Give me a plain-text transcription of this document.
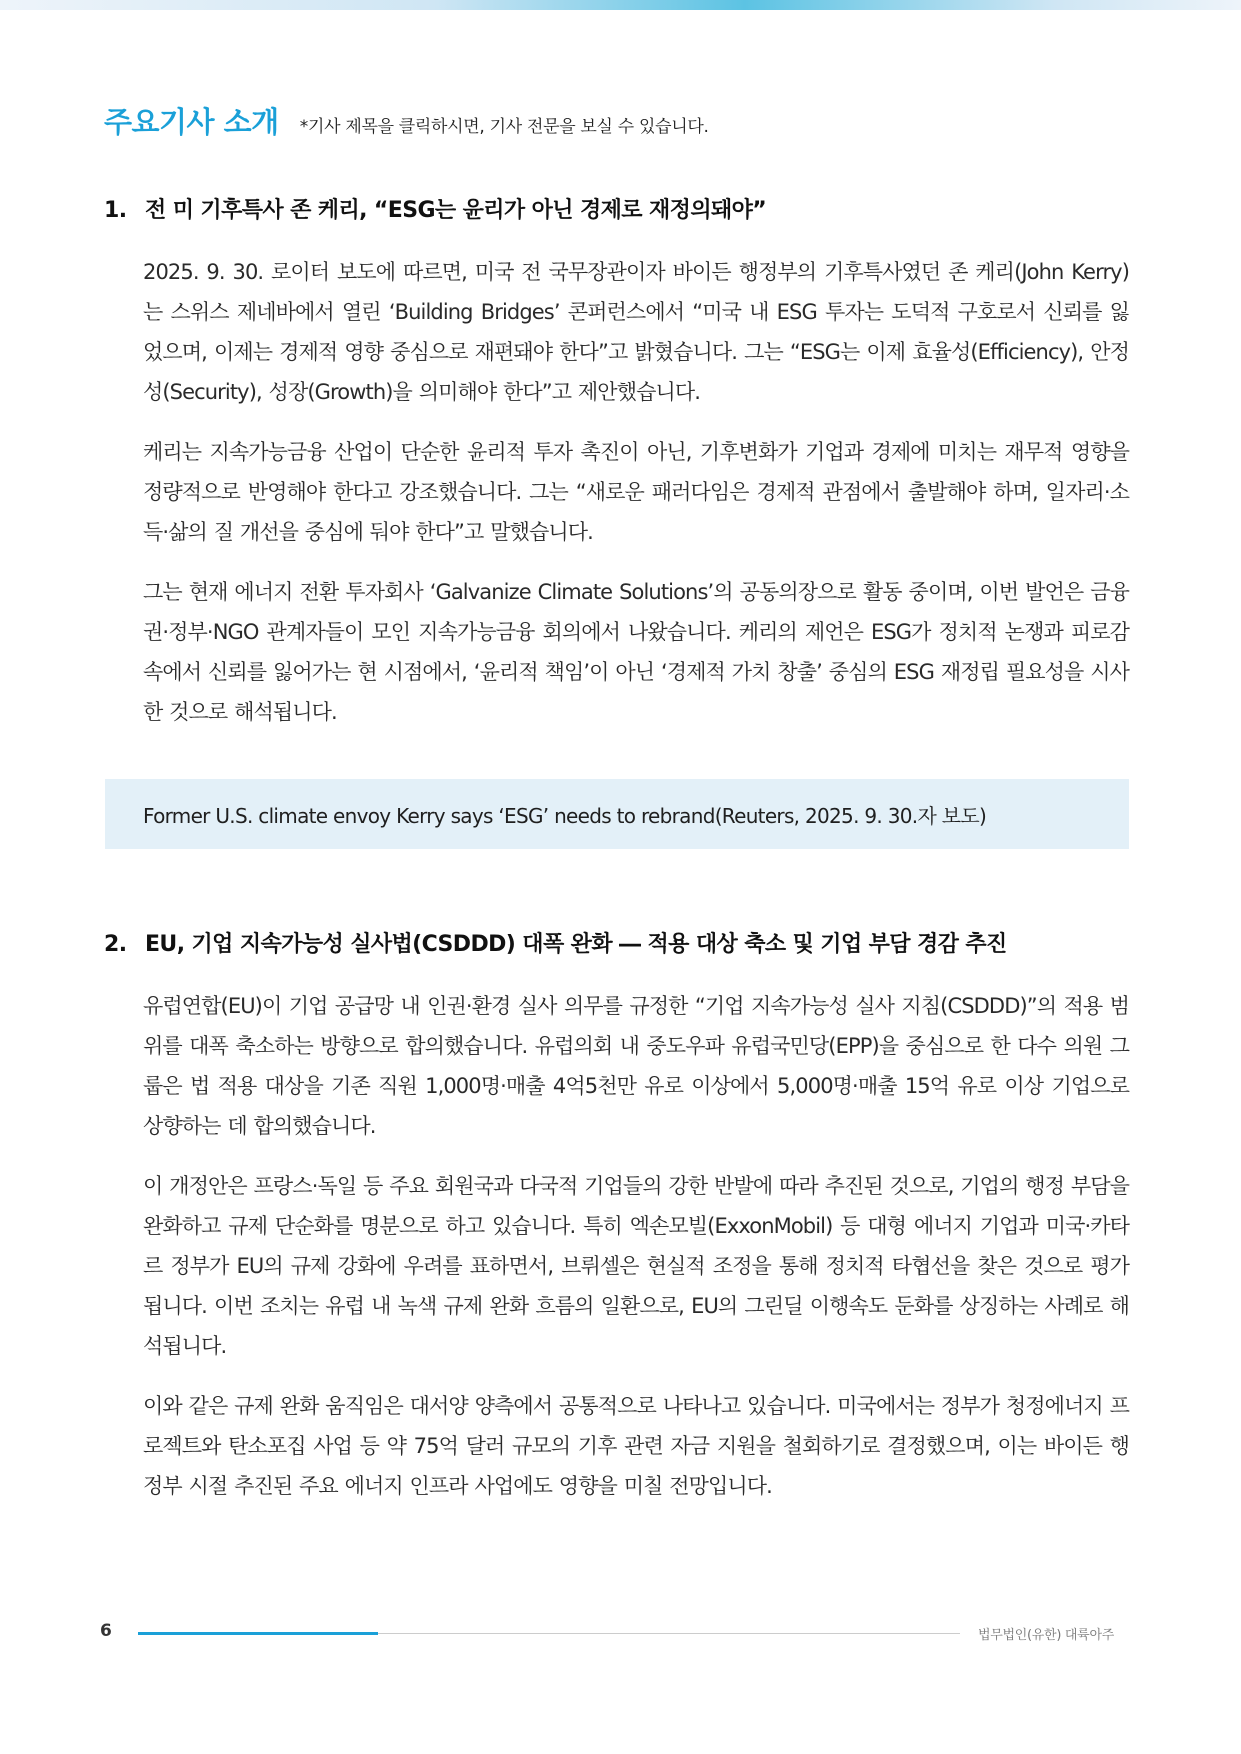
주요기사 소개 *기사 제목을 클릭하시면, 기사 전문을 보실 수 있습니다.
1. 전 미 기후특사 존 케리, “ESG는 윤리가 아닌 경제로 재정의돼야”

2025. 9. 30. 로이터 보도에 따르면, 미국 전 국무장관이자 바이든 행정부의 기후특사였던 존 케리(John Kerry) 는 스위스 제네바에서 열린 ‘Building Bridges’ 콘퍼런스에서 “미국 내 ESG 투자는 도덕적 구호로서 신뢰를 잃었으며, 이제는 경제적 영향 중심으로 재편돼야 한다”고 밝혔습니다. 그는 “ESG는 이제 효율성(Efficiency), 안정성(Security), 성장(Growth)을 의미해야 한다”고 제안했습니다.

케리는 지속가능금융 산업이 단순한 윤리적 투자 촉진이 아닌, 기후변화가 기업과 경제에 미치는 재무적 영향을 정량적으로 반영해야 한다고 강조했습니다. 그는 “새로운 패러다임은 경제적 관점에서 출발해야 하며, 일자리·소득·삶의 질 개선을 중심에 둬야 한다”고 말했습니다.

그는 현재 에너지 전환 투자회사 ‘Galvanize Climate Solutions’의 공동의장으로 활동 중이며, 이번 발언은 금융권·정부·NGO 관계자들이 모인 지속가능금융 회의에서 나왔습니다. 케리의 제언은 ESG가 정치적 논쟁과 피로감 속에서 신뢰를 잃어가는 현 시점에서, ‘윤리적 책임’이 아닌 ‘경제적 가치 창출’ 중심의 ESG 재정립 필요성을 시사한 것으로 해석됩니다.

Former U.S. climate envoy Kerry says ‘ESG’ needs to rebrand(Reuters, 2025. 9. 30.자 보도)
2. EU, 기업 지속가능성 실사법(CSDDD) 대폭 완화 ― 적용 대상 축소 및 기업 부담 경감 추진

유럽연합(EU)이 기업 공급망 내 인권·환경 실사 의무를 규정한 “기업 지속가능성 실사 지침(CSDDD)”의 적용 범위를 대폭 축소하는 방향으로 합의했습니다. 유럽의회 내 중도우파 유럽국민당(EPP)을 중심으로 한 다수 의원 그룹은 법 적용 대상을 기존 직원 1,000명·매출 4억5천만 유로 이상에서 5,000명·매출 15억 유로 이상 기업으로 상향하는 데 합의했습니다.

이 개정안은 프랑스·독일 등 주요 회원국과 다국적 기업들의 강한 반발에 따라 추진된 것으로, 기업의 행정 부담을 완화하고 규제 단순화를 명분으로 하고 있습니다. 특히 엑손모빌(ExxonMobil) 등 대형 에너지 기업과 미국·카타르 정부가 EU의 규제 강화에 우려를 표하면서, 브뤼셀은 현실적 조정을 통해 정치적 타협선을 찾은 것으로 평가됩니다. 이번 조치는 유럽 내 녹색 규제 완화 흐름의 일환으로, EU의 그린딜 이행속도 둔화를 상징하는 사례로 해석됩니다.

이와 같은 규제 완화 움직임은 대서양 양측에서 공통적으로 나타나고 있습니다. 미국에서는 정부가 청정에너지 프로젝트와 탄소포집 사업 등 약 75억 달러 규모의 기후 관련 자금 지원을 철회하기로 결정했으며, 이는 바이든 행정부 시절 추진된 주요 에너지 인프라 사업에도 영향을 미칠 전망입니다.

6	법무법인(유한) 대륙아주
